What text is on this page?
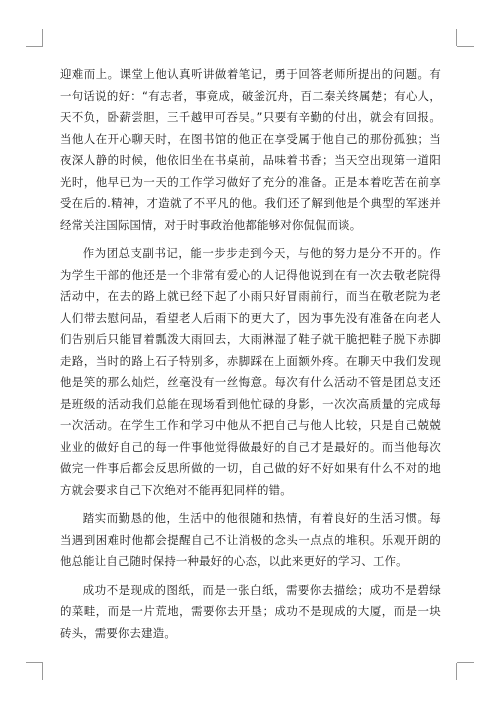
迎难而上。课堂上他认真听讲做着笔记，勇于回答老师所提出的问题。有一句话说的好：“有志者，事竟成，破釜沉舟，百二秦关终属楚；有心人，天不负，卧薪尝胆，三千越甲可吞吴。”只要有辛勤的付出，就会有回报。当他人在开心聊天时，在图书馆的他正在享受属于他自己的那份孤独；当夜深人静的时候，他依旧坐在书桌前，品味着书香；当天空出现第一道阳光时，他早已为一天的工作学习做好了充分的准备。正是本着吃苦在前享受在后的.精神，才造就了不平凡的他。我们还了解到他是个典型的军迷并经常关注国际国情，对于时事政治他都能够对你侃侃而谈。

作为团总支副书记，能一步步走到今天，与他的努力是分不开的。作为学生干部的他还是一个非常有爱心的人记得他说到在有一次去敬老院得活动中，在去的路上就已经下起了小雨只好冒雨前行，而当在敬老院为老人们带去慰问品，看望老人后雨下的更大了，因为事先没有准备在向老人们告别后只能冒着瓢泼大雨回去，大雨淋湿了鞋子就干脆把鞋子脱下赤脚走路，当时的路上石子特别多，赤脚踩在上面额外疼。在聊天中我们发现他是笑的那么灿烂，丝毫没有一丝悔意。每次有什么活动不管是团总支还是班级的活动我们总能在现场看到他忙碌的身影，一次次高质量的完成每一次活动。在学生工作和学习中他从不把自己与他人比较，只是自己兢兢业业的做好自己的每一件事他觉得做最好的自己才是最好的。而当他每次做完一件事后都会反思所做的一切，自己做的好不好如果有什么不对的地方就会要求自己下次绝对不能再犯同样的错。

踏实而勤恳的他，生活中的他很随和热情，有着良好的生活习惯。每当遇到困难时他都会提醒自己不让消极的念头一点点的堆积。乐观开朗的他总能让自己随时保持一种最好的心态，以此来更好的学习、工作。

成功不是现成的图纸，而是一张白纸，需要你去描绘；成功不是碧绿的菜畦，而是一片荒地，需要你去开垦；成功不是现成的大厦，而是一块砖头，需要你去建造。
